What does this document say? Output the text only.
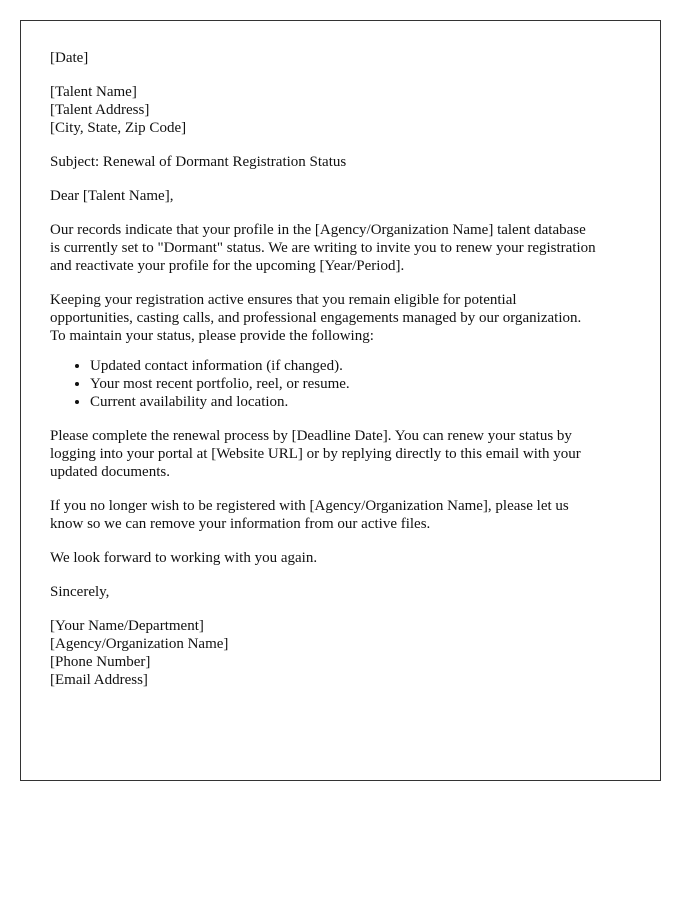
[Date]
[Talent Name]
[Talent Address]
[City, State, Zip Code]
Subject: Renewal of Dormant Registration Status
Dear [Talent Name],
Our records indicate that your profile in the [Agency/Organization Name] talent database
is currently set to "Dormant" status. We are writing to invite you to renew your registration
and reactivate your profile for the upcoming [Year/Period].
Keeping your registration active ensures that you remain eligible for potential
opportunities, casting calls, and professional engagements managed by our organization.
To maintain your status, please provide the following:
• Updated contact information (if changed).
• Your most recent portfolio, reel, or resume.
• Current availability and location.
Please complete the renewal process by [Deadline Date]. You can renew your status by
logging into your portal at [Website URL] or by replying directly to this email with your
updated documents.
If you no longer wish to be registered with [Agency/Organization Name], please let us
know so we can remove your information from our active files.
We look forward to working with you again.
Sincerely,
[Your Name/Department]
[Agency/Organization Name]
[Phone Number]
[Email Address]
